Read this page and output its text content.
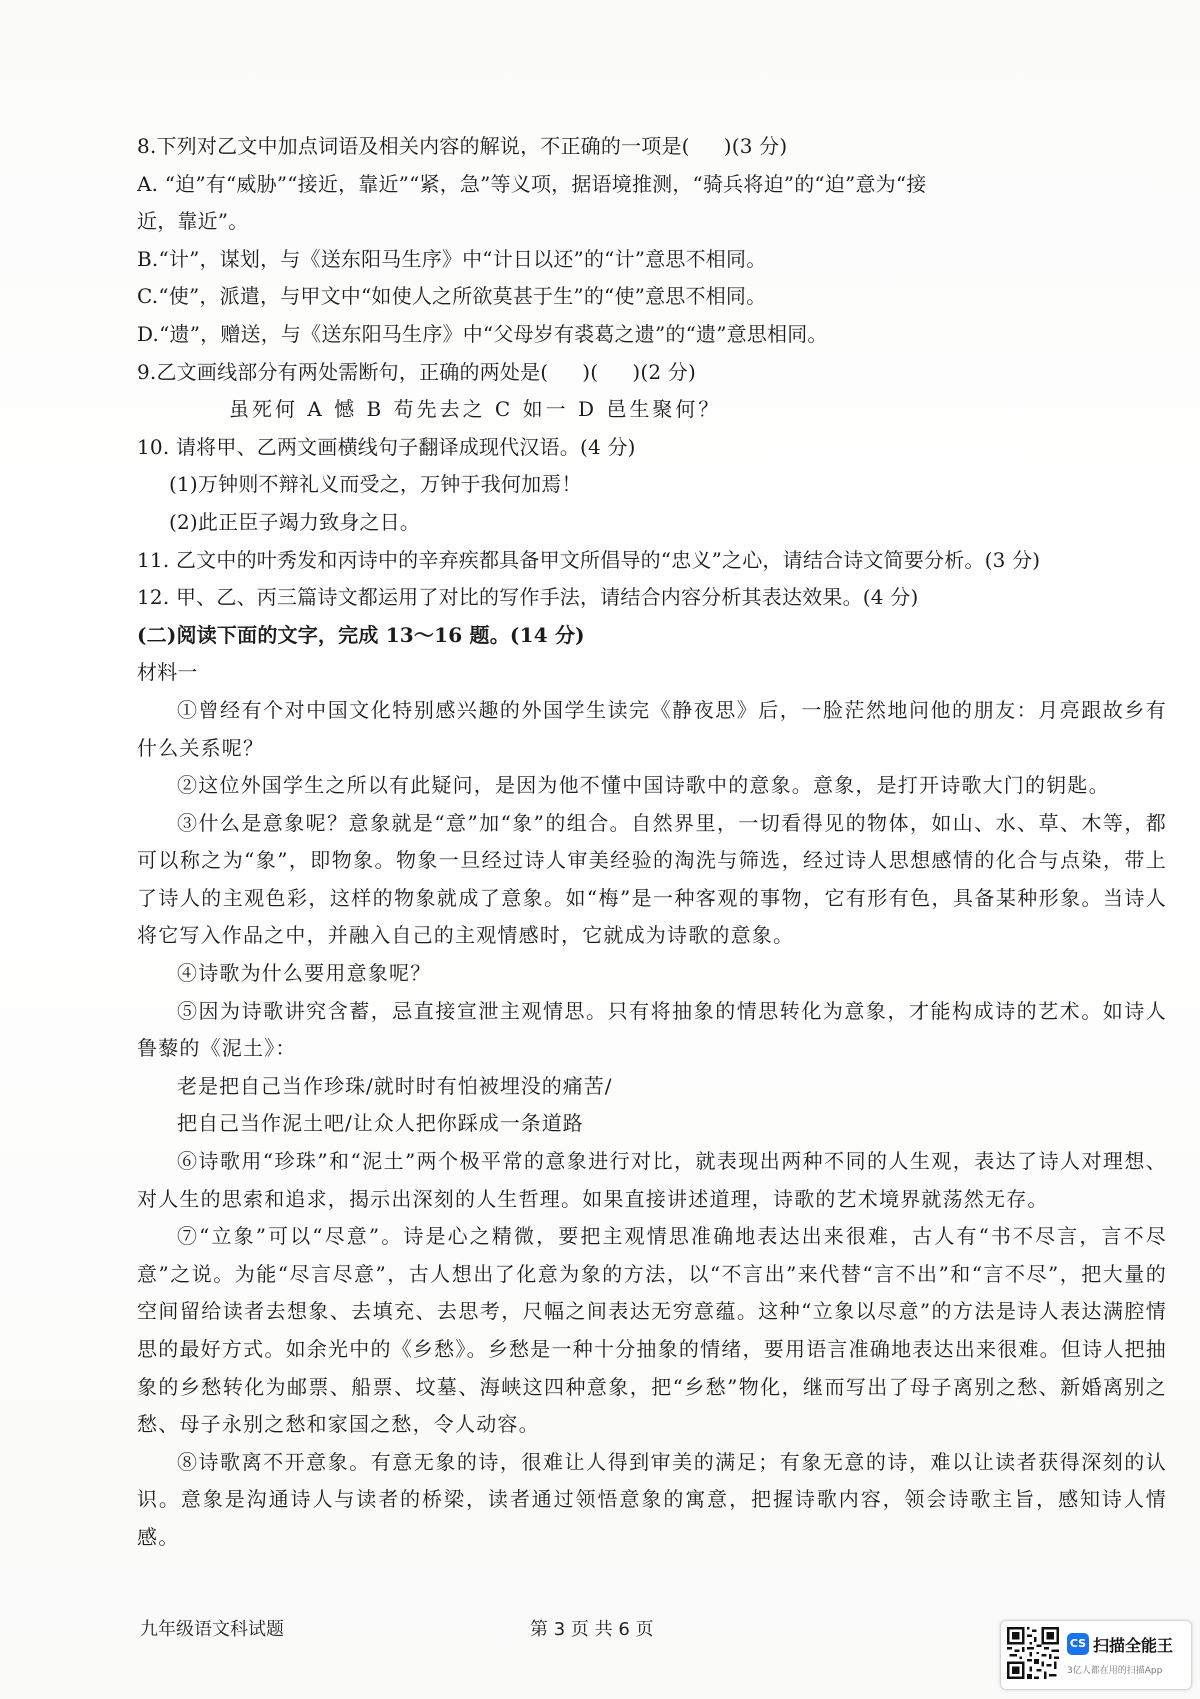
8.下列对乙文中加点词语及相关内容的解说，不正确的一项是( )(3 分)
A. “迫”有“威胁”“接近，靠近”“紧，急”等义项，据语境推测，“骑兵将迫”的“迫”意为“接
近，靠近”。
B.“计”，谋划，与《送东阳马生序》中“计日以还”的“计”意思不相同。
C.“使”，派遣，与甲文中“如使人之所欲莫甚于生”的“使”意思不相同。
D.“遗”，赠送，与《送东阳马生序》中“父母岁有裘葛之遗”的“遗”意思相同。
9.乙文画线部分有两处需断句，正确的两处是( )( )(2 分)
虽死何 A 憾 B 苟先去之 C 如一 D 邑生聚何？
10. 请将甲、乙两文画横线句子翻译成现代汉语。(4 分)
(1)万钟则不辩礼义而受之，万钟于我何加焉！
(2)此正臣子竭力致身之日。
11. 乙文中的叶秀发和丙诗中的辛弃疾都具备甲文所倡导的“忠义”之心，请结合诗文简要分析。(3 分)
12. 甲、乙、丙三篇诗文都运用了对比的写作手法，请结合内容分析其表达效果。(4 分)
(二)阅读下面的文字，完成 13～16 题。(14 分)
材料一
①曾经有个对中国文化特别感兴趣的外国学生读完《静夜思》后，一脸茫然地问他的朋友：月亮跟故乡有什么关系呢？
②这位外国学生之所以有此疑问，是因为他不懂中国诗歌中的意象。意象，是打开诗歌大门的钥匙。
③什么是意象呢？意象就是“意”加“象”的组合。自然界里，一切看得见的物体，如山、水、草、木等，都可以称之为“象”，即物象。物象一旦经过诗人审美经验的淘洗与筛选，经过诗人思想感情的化合与点染，带上了诗人的主观色彩，这样的物象就成了意象。如“梅”是一种客观的事物，它有形有色，具备某种形象。当诗人将它写入作品之中，并融入自己的主观情感时，它就成为诗歌的意象。
④诗歌为什么要用意象呢？
⑤因为诗歌讲究含蓄，忌直接宣泄主观情思。只有将抽象的情思转化为意象，才能构成诗的艺术。如诗人鲁藜的《泥土》：
老是把自己当作珍珠/就时时有怕被埋没的痛苦/
把自己当作泥土吧/让众人把你踩成一条道路
⑥诗歌用“珍珠”和“泥土”两个极平常的意象进行对比，就表现出两种不同的人生观，表达了诗人对理想、对人生的思索和追求，揭示出深刻的人生哲理。如果直接讲述道理，诗歌的艺术境界就荡然无存。
⑦“立象”可以“尽意”。诗是心之精微，要把主观情思准确地表达出来很难，古人有“书不尽言，言不尽意”之说。为能“尽言尽意”，古人想出了化意为象的方法，以“不言出”来代替“言不出”和“言不尽”，把大量的空间留给读者去想象、去填充、去思考，尺幅之间表达无穷意蕴。这种“立象以尽意”的方法是诗人表达满腔情思的最好方式。如余光中的《乡愁》。乡愁是一种十分抽象的情绪，要用语言准确地表达出来很难。但诗人把抽象的乡愁转化为邮票、船票、坟墓、海峡这四种意象，把“乡愁”物化，继而写出了母子离别之愁、新婚离别之愁、母子永别之愁和家国之愁，令人动容。
⑧诗歌离不开意象。有意无象的诗，很难让人得到审美的满足；有象无意的诗，难以让读者获得深刻的认识。意象是沟通诗人与读者的桥梁，读者通过领悟意象的寓意，把握诗歌内容，领会诗歌主旨，感知诗人情感。
九年级语文科试题	第 3 页 共 6 页
CS 扫描全能王
3亿人都在用的扫描App
